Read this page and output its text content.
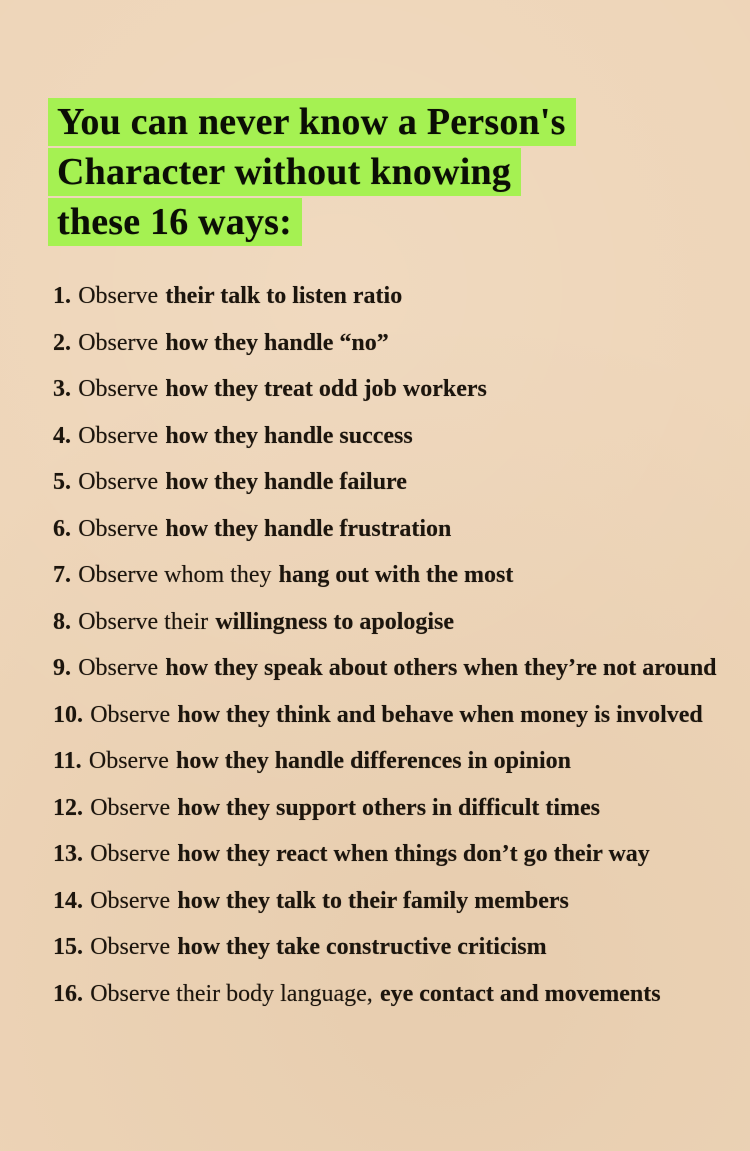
You can never know a Person's
Character without knowing
these 16 ways:
1. Observe their talk to listen ratio
2. Observe how they handle “no”
3. Observe how they treat odd job workers
4. Observe how they handle success
5. Observe how they handle failure
6. Observe how they handle frustration
7. Observe whom they hang out with the most
8. Observe their willingness to apologise
9. Observe how they speak about others when they’re not around
10. Observe how they think and behave when money is involved
11. Observe how they handle differences in opinion
12. Observe how they support others in difficult times
13. Observe how they react when things don’t go their way
14. Observe how they talk to their family members
15. Observe how they take constructive criticism
16. Observe their body language, eye contact and movements
